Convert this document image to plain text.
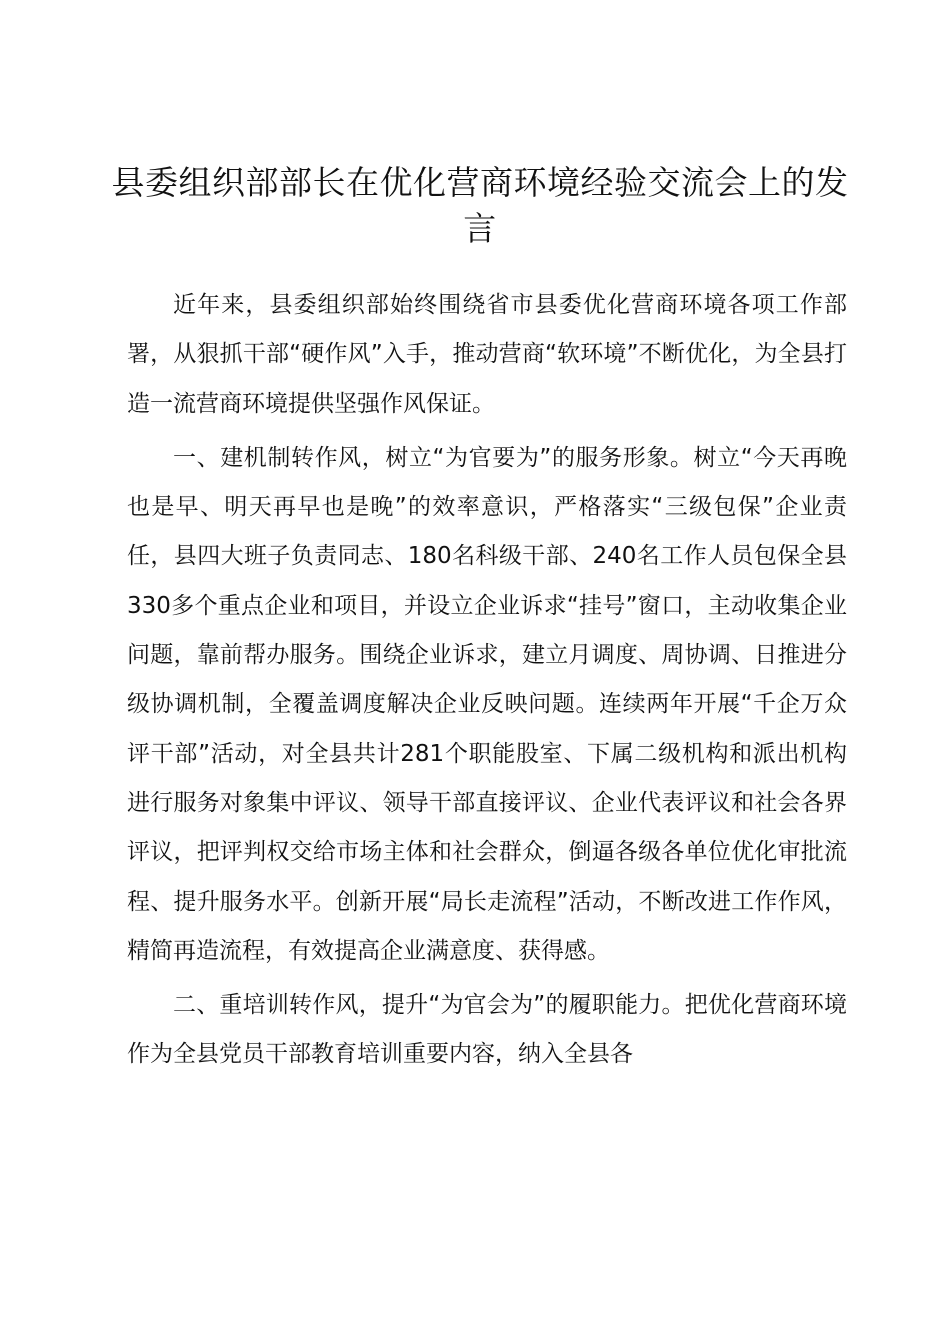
县委组织部部长在优化营商环境经验交流会上的发言

近年来，县委组织部始终围绕省市县委优化营商环境各项工作部署，从狠抓干部“硬作风”入手，推动营商“软环境”不断优化，为全县打造一流营商环境提供坚强作风保证。

一、建机制转作风，树立“为官要为”的服务形象。树立“今天再晚也是早、明天再早也是晚”的效率意识，严格落实“三级包保”企业责任，县四大班子负责同志、180名科级干部、240名工作人员包保全县330多个重点企业和项目，并设立企业诉求“挂号”窗口，主动收集企业问题，靠前帮办服务。围绕企业诉求，建立月调度、周协调、日推进分级协调机制，全覆盖调度解决企业反映问题。连续两年开展“千企万众评干部”活动，对全县共计281个职能股室、下属二级机构和派出机构进行服务对象集中评议、领导干部直接评议、企业代表评议和社会各界评议，把评判权交给市场主体和社会群众，倒逼各级各单位优化审批流程、提升服务水平。创新开展“局长走流程”活动，不断改进工作作风，精简再造流程，有效提高企业满意度、获得感。

二、重培训转作风，提升“为官会为”的履职能力。把优化营商环境作为全县党员干部教育培训重要内容，纳入全县各
